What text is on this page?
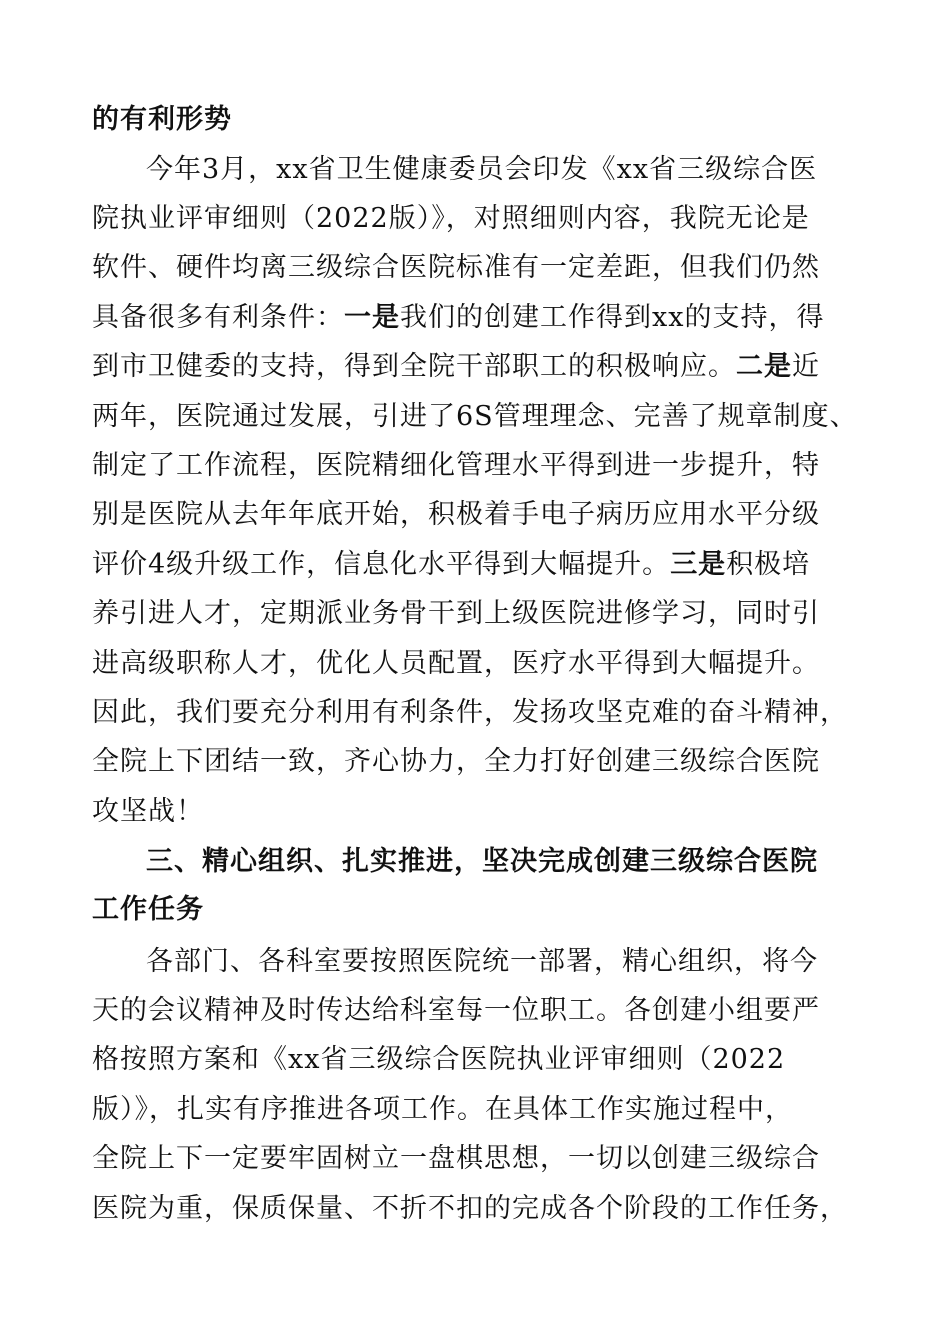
的有利形势
今年3月，xx省卫生健康委员会印发《xx省三级综合医
院执业评审细则（2022版）》，对照细则内容，我院无论是
软件、硬件均离三级综合医院标准有一定差距，但我们仍然
具备很多有利条件：一是我们的创建工作得到xx的支持，得
到市卫健委的支持，得到全院干部职工的积极响应。二是近
两年，医院通过发展，引进了6S管理理念、完善了规章制度、
制定了工作流程，医院精细化管理水平得到进一步提升，特
别是医院从去年年底开始，积极着手电子病历应用水平分级
评价4级升级工作，信息化水平得到大幅提升。三是积极培
养引进人才，定期派业务骨干到上级医院进修学习，同时引
进高级职称人才，优化人员配置，医疗水平得到大幅提升。
因此，我们要充分利用有利条件，发扬攻坚克难的奋斗精神，
全院上下团结一致，齐心协力，全力打好创建三级综合医院
攻坚战！
三、精心组织、扎实推进，坚决完成创建三级综合医院
工作任务
各部门、各科室要按照医院统一部署，精心组织，将今
天的会议精神及时传达给科室每一位职工。各创建小组要严
格按照方案和《xx省三级综合医院执业评审细则（2022
版）》，扎实有序推进各项工作。在具体工作实施过程中，
全院上下一定要牢固树立一盘棋思想，一切以创建三级综合
医院为重，保质保量、不折不扣的完成各个阶段的工作任务，
